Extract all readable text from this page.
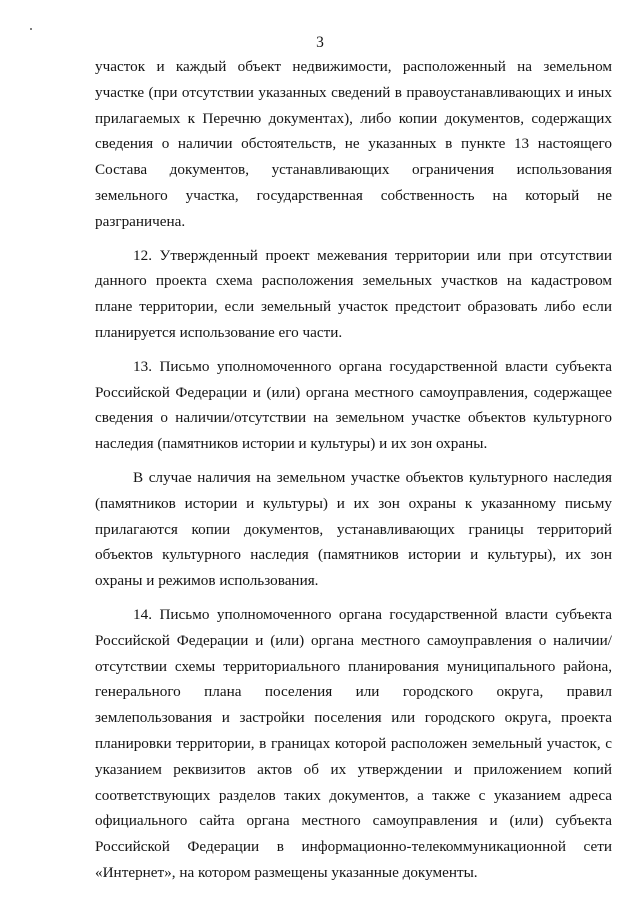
3

участок и каждый объект недвижимости, расположенный на земельном участке (при отсутствии указанных сведений в правоустанавливающих и иных прилагаемых к Перечню документах), либо копии документов, содержащих сведения о наличии обстоятельств, не указанных в пункте 13 настоящего Состава документов, устанавливающих ограничения использования земельного участка, государственная собственность на который не разграничена.

12. Утвержденный проект межевания территории или при отсутствии данного проекта схема расположения земельных участков на кадастровом плане территории, если земельный участок предстоит образовать либо если планируется использование его части.

13. Письмо уполномоченного органа государственной власти субъекта Российской Федерации и (или) органа местного самоуправления, содержащее сведения о наличии/отсутствии на земельном участке объектов культурного наследия (памятников истории и культуры) и их зон охраны.

В случае наличия на земельном участке объектов культурного наследия (памятников истории и культуры) и их зон охраны к указанному письму прилагаются копии документов, устанавливающих границы территорий объектов культурного наследия (памятников истории и культуры), их зон охраны и режимов использования.

14. Письмо уполномоченного органа государственной власти субъекта Российской Федерации и (или) органа местного самоуправления о наличии/отсутствии схемы территориального планирования муниципального района, генерального плана поселения или городского округа, правил землепользования и застройки поселения или городского округа, проекта планировки территории, в границах которой расположен земельный участок, с указанием реквизитов актов об их утверждении и приложением копий соответствующих разделов таких документов, а также с указанием адреса официального сайта органа местного самоуправления и (или) субъекта Российской Федерации в информационно-телекоммуникационной сети «Интернет», на котором размещены указанные документы.
